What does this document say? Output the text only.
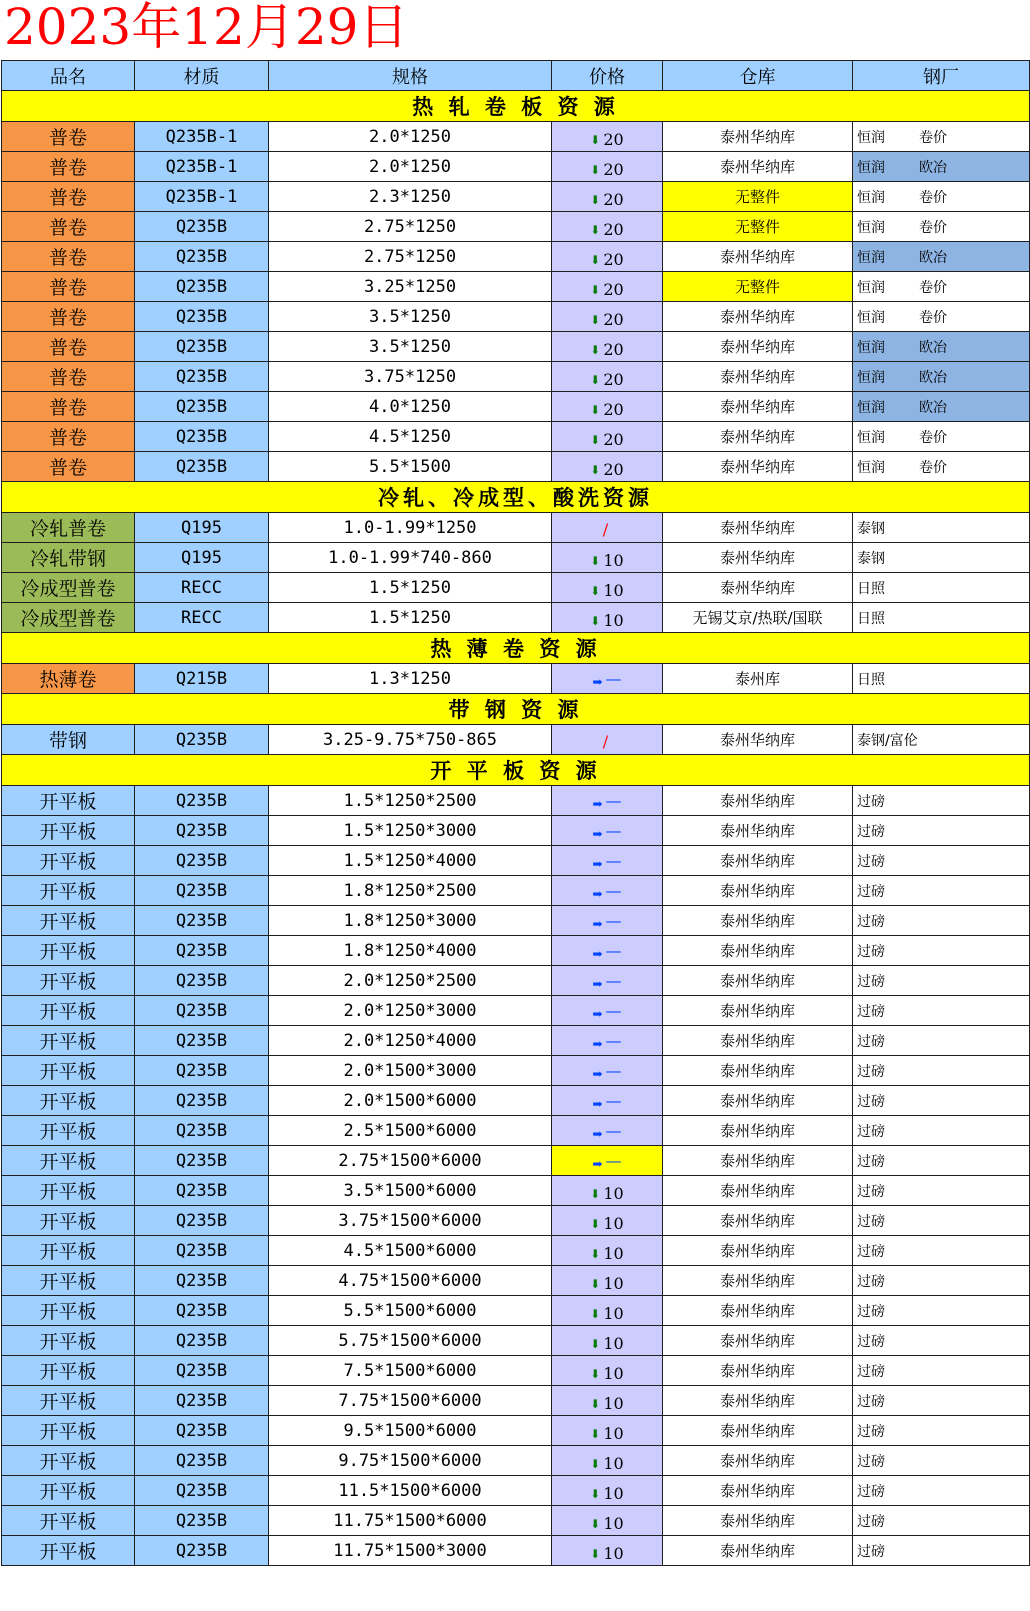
2023年12月29日
品名	材质	规格	价格	仓库	钢厂
热 轧 卷 板 资 源					
普卷	Q235B-1	2.0*1250	⬇ 20	泰州华纳库	恒润 卷价
普卷	Q235B-1	2.0*1250	⬇ 20	泰州华纳库	恒润 欧冶
普卷	Q235B-1	2.3*1250	⬇ 20	无整件	恒润 卷价
普卷	Q235B	2.75*1250	⬇ 20	无整件	恒润 卷价
普卷	Q235B	2.75*1250	⬇ 20	泰州华纳库	恒润 欧冶
普卷	Q235B	3.25*1250	⬇ 20	无整件	恒润 卷价
普卷	Q235B	3.5*1250	⬇ 20	泰州华纳库	恒润 卷价
普卷	Q235B	3.5*1250	⬇ 20	泰州华纳库	恒润 欧冶
普卷	Q235B	3.75*1250	⬇ 20	泰州华纳库	恒润 欧冶
普卷	Q235B	4.0*1250	⬇ 20	泰州华纳库	恒润 欧冶
普卷	Q235B	4.5*1250	⬇ 20	泰州华纳库	恒润 卷价
普卷	Q235B	5.5*1500	⬇ 20	泰州华纳库	恒润 卷价
冷轧、冷成型、酸洗资源					
冷轧普卷	Q195	1.0-1.99*1250	/	泰州华纳库	泰钢
冷轧带钢	Q195	1.0-1.99*740-860	⬇ 10	泰州华纳库	泰钢
冷成型普卷	RECC	1.5*1250	⬇ 10	泰州华纳库	日照
冷成型普卷	RECC	1.5*1250	⬇ 10	无锡艾京/热联/国联	日照
热 薄 卷 资 源					
热薄卷	Q215B	1.3*1250	➡ —	泰州库	日照
带 钢 资 源					
带钢	Q235B	3.25-9.75*750-865	/	泰州华纳库	泰钢/富伦
开 平 板 资 源					
开平板	Q235B	1.5*1250*2500	➡ —	泰州华纳库	过磅
开平板	Q235B	1.5*1250*3000	➡ —	泰州华纳库	过磅
开平板	Q235B	1.5*1250*4000	➡ —	泰州华纳库	过磅
开平板	Q235B	1.8*1250*2500	➡ —	泰州华纳库	过磅
开平板	Q235B	1.8*1250*3000	➡ —	泰州华纳库	过磅
开平板	Q235B	1.8*1250*4000	➡ —	泰州华纳库	过磅
开平板	Q235B	2.0*1250*2500	➡ —	泰州华纳库	过磅
开平板	Q235B	2.0*1250*3000	➡ —	泰州华纳库	过磅
开平板	Q235B	2.0*1250*4000	➡ —	泰州华纳库	过磅
开平板	Q235B	2.0*1500*3000	➡ —	泰州华纳库	过磅
开平板	Q235B	2.0*1500*6000	➡ —	泰州华纳库	过磅
开平板	Q235B	2.5*1500*6000	➡ —	泰州华纳库	过磅
开平板	Q235B	2.75*1500*6000	➡ —	泰州华纳库	过磅
开平板	Q235B	3.5*1500*6000	⬇ 10	泰州华纳库	过磅
开平板	Q235B	3.75*1500*6000	⬇ 10	泰州华纳库	过磅
开平板	Q235B	4.5*1500*6000	⬇ 10	泰州华纳库	过磅
开平板	Q235B	4.75*1500*6000	⬇ 10	泰州华纳库	过磅
开平板	Q235B	5.5*1500*6000	⬇ 10	泰州华纳库	过磅
开平板	Q235B	5.75*1500*6000	⬇ 10	泰州华纳库	过磅
开平板	Q235B	7.5*1500*6000	⬇ 10	泰州华纳库	过磅
开平板	Q235B	7.75*1500*6000	⬇ 10	泰州华纳库	过磅
开平板	Q235B	9.5*1500*6000	⬇ 10	泰州华纳库	过磅
开平板	Q235B	9.75*1500*6000	⬇ 10	泰州华纳库	过磅
开平板	Q235B	11.5*1500*6000	⬇ 10	泰州华纳库	过磅
开平板	Q235B	11.75*1500*6000	⬇ 10	泰州华纳库	过磅
开平板	Q235B	11.75*1500*3000	⬇ 10	泰州华纳库	过磅
